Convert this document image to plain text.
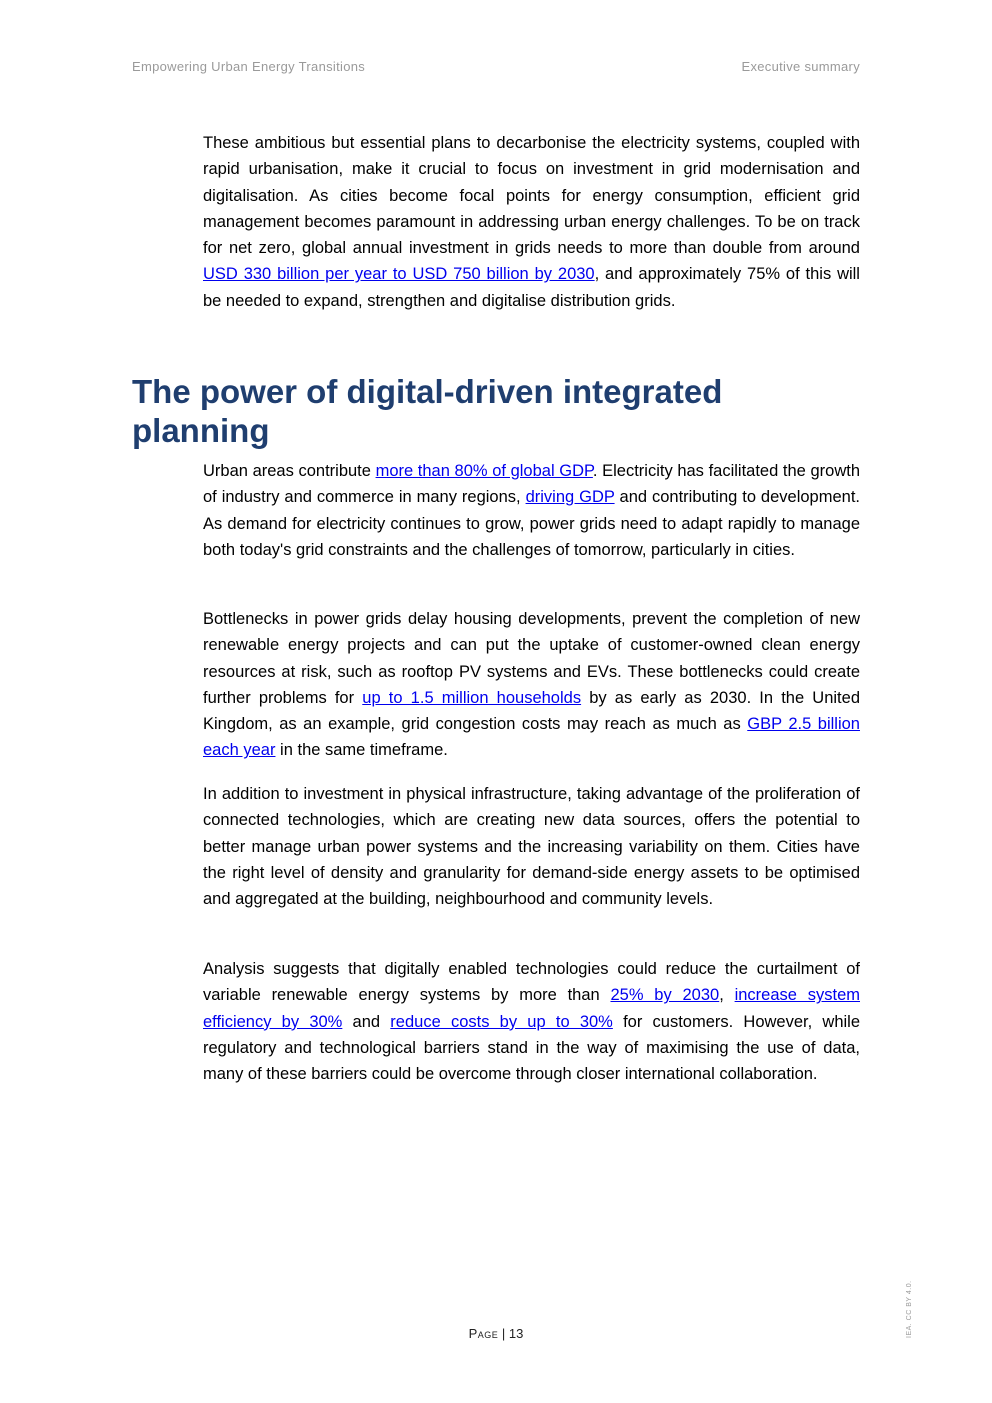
Empowering Urban Energy Transitions	Executive summary

These ambitious but essential plans to decarbonise the electricity systems, coupled with rapid urbanisation, make it crucial to focus on investment in grid modernisation and digitalisation. As cities become focal points for energy consumption, efficient grid management becomes paramount in addressing urban energy challenges. To be on track for net zero, global annual investment in grids needs to more than double from around USD 330 billion per year to USD 750 billion by 2030, and approximately 75% of this will be needed to expand, strengthen and digitalise distribution grids.

The power of digital-driven integrated planning

Urban areas contribute more than 80% of global GDP. Electricity has facilitated the growth of industry and commerce in many regions, driving GDP and contributing to development. As demand for electricity continues to grow, power grids need to adapt rapidly to manage both today's grid constraints and the challenges of tomorrow, particularly in cities.

Bottlenecks in power grids delay housing developments, prevent the completion of new renewable energy projects and can put the uptake of customer-owned clean energy resources at risk, such as rooftop PV systems and EVs. These bottlenecks could create further problems for up to 1.5 million households by as early as 2030. In the United Kingdom, as an example, grid congestion costs may reach as much as GBP 2.5 billion each year in the same timeframe.

In addition to investment in physical infrastructure, taking advantage of the proliferation of connected technologies, which are creating new data sources, offers the potential to better manage urban power systems and the increasing variability on them. Cities have the right level of density and granularity for demand-side energy assets to be optimised and aggregated at the building, neighbourhood and community levels.

Analysis suggests that digitally enabled technologies could reduce the curtailment of variable renewable energy systems by more than 25% by 2030, increase system efficiency by 30% and reduce costs by up to 30% for customers. However, while regulatory and technological barriers stand in the way of maximising the use of data, many of these barriers could be overcome through closer international collaboration.

Page | 13	IEA. CC BY 4.0.
